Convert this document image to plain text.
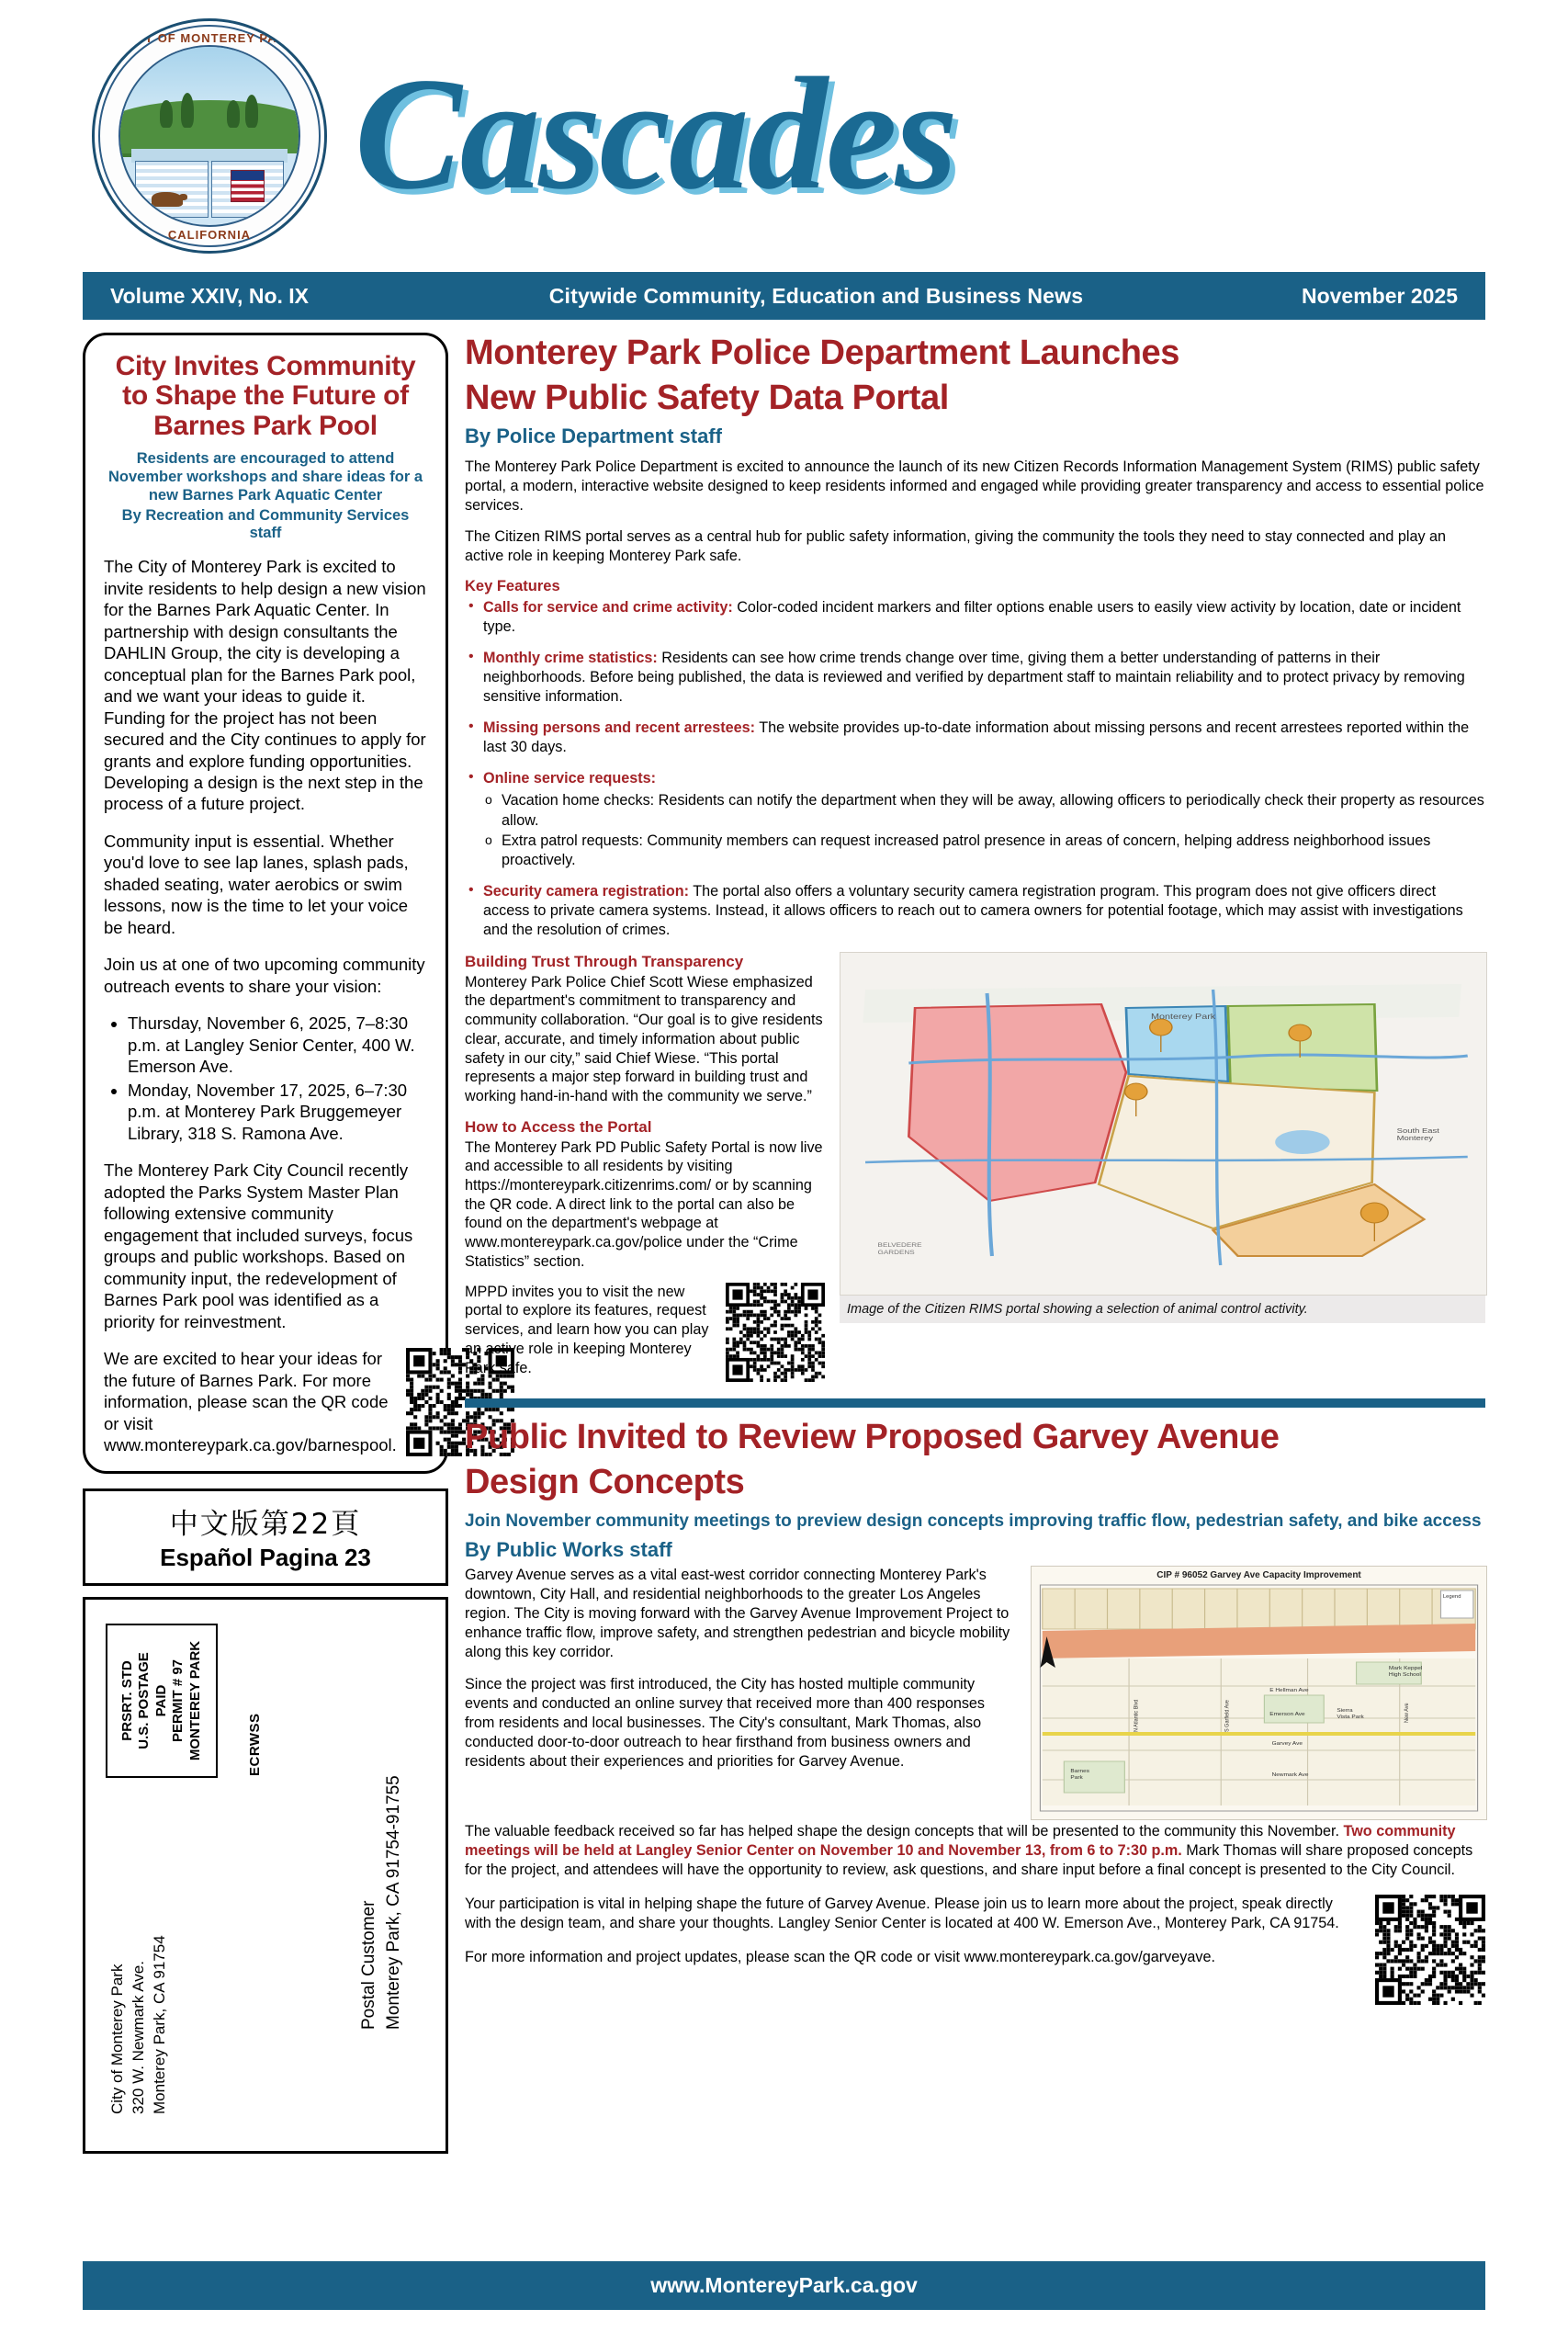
CITY OF MONTEREY PARK
CALIFORNIA
Cascades
Volume XXIV, No. IX	Citywide Community, Education and Business News	November 2025
City Invites Community to Shape the Future of Barnes Park Pool
Residents are encouraged to attend November workshops and share ideas for a new Barnes Park Aquatic Center
By Recreation and Community Services staff

The City of Monterey Park is excited to invite residents to help design a new vision for the Barnes Park Aquatic Center. In partnership with design consultants the DAHLIN Group, the city is developing a conceptual plan for the Barnes Park pool, and we want your ideas to guide it. Funding for the project has not been secured and the City continues to apply for grants and explore funding opportunities. Developing a design is the next step in the process of a future project.

Community input is essential. Whether you'd love to see lap lanes, splash pads, shaded seating, water aerobics or swim lessons, now is the time to let your voice be heard.

Join us at one of two upcoming community outreach events to share your vision:

• Thursday, November 6, 2025, 7–8:30 p.m. at Langley Senior Center, 400 W. Emerson Ave.
• Monday, November 17, 2025, 6–7:30 p.m. at Monterey Park Bruggemeyer Library, 318 S. Ramona Ave.

The Monterey Park City Council recently adopted the Parks System Master Plan following extensive community engagement that included surveys, focus groups and public workshops. Based on community input, the redevelopment of Barnes Park pool was identified as a priority for reinvestment.

We are excited to hear your ideas for the future of Barnes Park. For more information, please scan the QR code or visit www.montereypark.ca.gov/barnespool.

中文版第22頁
Español Pagina 23
PRSRT. STD U.S. POSTAGE PAID PERMIT # 97 MONTEREY PARK	ECRWSS
City of Monterey Park 320 W. Newmark Ave. Monterey Park, CA 91754	Postal Customer Monterey Park, CA 91754-91755
Monterey Park Police Department Launches
New Public Safety Data Portal
By Police Department staff

The Monterey Park Police Department is excited to announce the launch of its new Citizen Records Information Management System (RIMS) public safety portal, a modern, interactive website designed to keep residents informed and engaged while providing greater transparency and access to essential police services.

The Citizen RIMS portal serves as a central hub for public safety information, giving the community the tools they need to stay connected and play an active role in keeping Monterey Park safe.

Key Features
• Calls for service and crime activity: Color-coded incident markers and filter options enable users to easily view activity by location, date or incident type.
• Monthly crime statistics: Residents can see how crime trends change over time, giving them a better understanding of patterns in their neighborhoods. Before being published, the data is reviewed and verified by department staff to maintain reliability and to protect privacy by removing sensitive information.
• Missing persons and recent arrestees: The website provides up-to-date information about missing persons and recent arrestees reported within the last 30 days.
• Online service requests:
o Vacation home checks: Residents can notify the department when they will be away, allowing officers to periodically check their property as resources allow.
o Extra patrol requests: Community members can request increased patrol presence in areas of concern, helping address neighborhood issues proactively.
• Security camera registration: The portal also offers a voluntary security camera registration program. This program does not give officers direct access to private camera systems. Instead, it allows officers to reach out to camera owners for potential footage, which may assist with investigations and the resolution of crimes.
Building Trust Through Transparency

Monterey Park Police Chief Scott Wiese emphasized the department's commitment to transparency and community collaboration. “Our goal is to give residents clear, accurate, and timely information about public safety in our city,” said Chief Wiese. “This portal represents a major step forward in building trust and working hand-in-hand with the community we serve.”

How to Access the Portal

The Monterey Park PD Public Safety Portal is now live and accessible to all residents by visiting https://montereypark.citizenrims.com/ or by scanning the QR code. A direct link to the portal can also be found on the department's webpage at www.montereypark.ca.gov/police under the “Crime Statistics” section.

MPPD invites you to visit the new portal to explore its features, request services, and learn how you can play an active role in keeping Monterey Park safe.

Monterey Park
South East
Monterey
BELVEDERE
GARDENS
Image of the Citizen RIMS portal showing a selection of animal control activity.
Public Invited to Review Proposed Garvey Avenue
Design Concepts
Join November community meetings to preview design concepts improving traffic flow, pedestrian safety, and bike access
By Public Works staff

Garvey Avenue serves as a vital east-west corridor connecting Monterey Park's downtown, City Hall, and residential neighborhoods to the greater Los Angeles region. The City is moving forward with the Garvey Avenue Improvement Project to enhance traffic flow, improve safety, and strengthen pedestrian and bicycle mobility along this key corridor.

Since the project was first introduced, the City has hosted multiple community events and conducted an online survey that received more than 400 responses from residents and local businesses. The City's consultant, Mark Thomas, also conducted door-to-door outreach to hear firsthand from business owners and residents about their experiences and priorities for Garvey Avenue.

CIP # 96052 Garvey Ave Capacity Improvement
Legend
Mark Keppel
High School
E Hellman Ave
Emerson Ave
Sierra
Vista Park
Garvey Ave
Newmark Ave
Barnes
Park
N Atlantic Blvd	S Garfield Ave	New Ave

The valuable feedback received so far has helped shape the design concepts that will be presented to the community this November. Two community meetings will be held at Langley Senior Center on November 10 and November 13, from 6 to 7:30 p.m. Mark Thomas will share proposed concepts for the project, and attendees will have the opportunity to review, ask questions, and share input before a final concept is presented to the City Council.

Your participation is vital in helping shape the future of Garvey Avenue. Please join us to learn more about the project, speak directly with the design team, and share your thoughts. Langley Senior Center is located at 400 W. Emerson Ave., Monterey Park, CA 91754.

For more information and project updates, please scan the QR code or visit www.montereypark.ca.gov/garveyave.

www.MontereyPark.ca.gov
